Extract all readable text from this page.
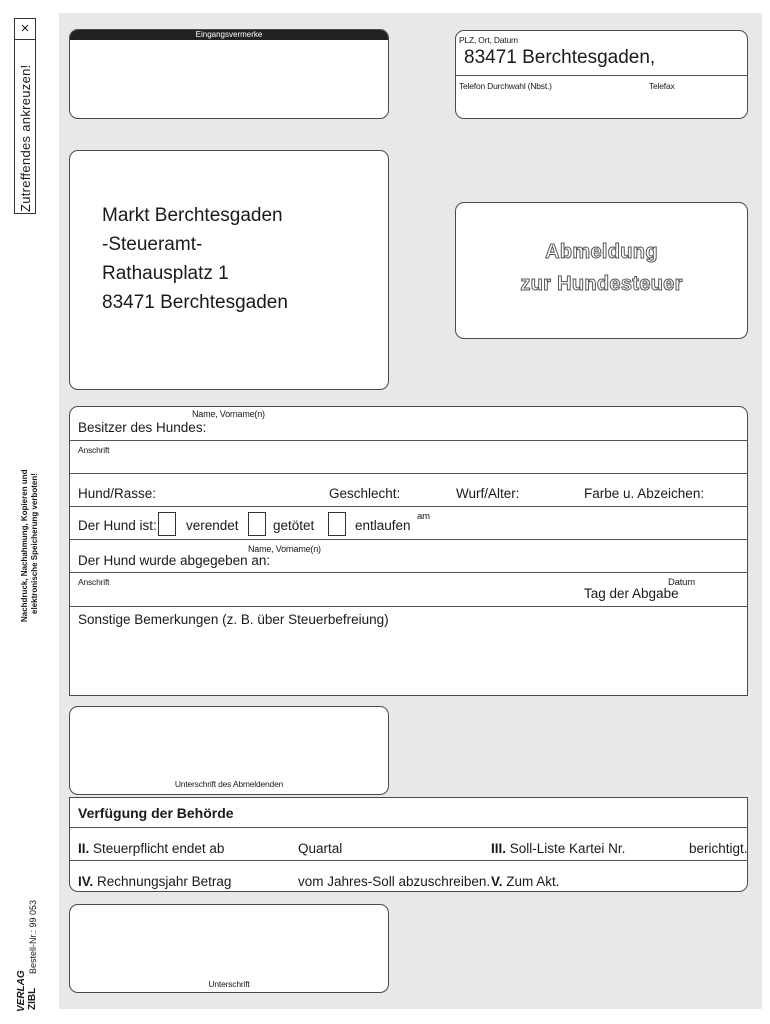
×
Zutreffendes ankreuzen!
Nachdruck, Nachahmung, Kopieren und elektronische Speicherung verboten!
Bestell-Nr.: 99 053
VERLAG ZIBL
Eingangsvermerke
PLZ, Ort, Datum
83471 Berchtesgaden,
Telefon Durchwahl (Nbst.)	Telefax
Markt Berchtesgaden
-Steueramt-
Rathausplatz 1
83471 Berchtesgaden
Abmeldung
zur Hundesteuer
Name, Vorname(n)
Besitzer des Hundes:
Anschrift
Hund/Rasse:	Geschlecht:	Wurf/Alter:	Farbe u. Abzeichen:
Der Hund ist: verendet	getötet	entlaufen
am
Name, Vorname(n)
Der Hund wurde abgegeben an:
Anschrift
Tag der Abgabe
Datum
Sonstige Bemerkungen (z. B. über Steuerbefreiung)
Unterschrift des Abmeldenden
Verfügung der Behörde
II. Steuerpflicht endet ab	Quartal	III. Soll-Liste Kartei Nr.	berichtigt.
IV. Rechnungsjahr Betrag	vom Jahres-Soll abzuschreiben. V. Zum Akt.
Unterschrift
